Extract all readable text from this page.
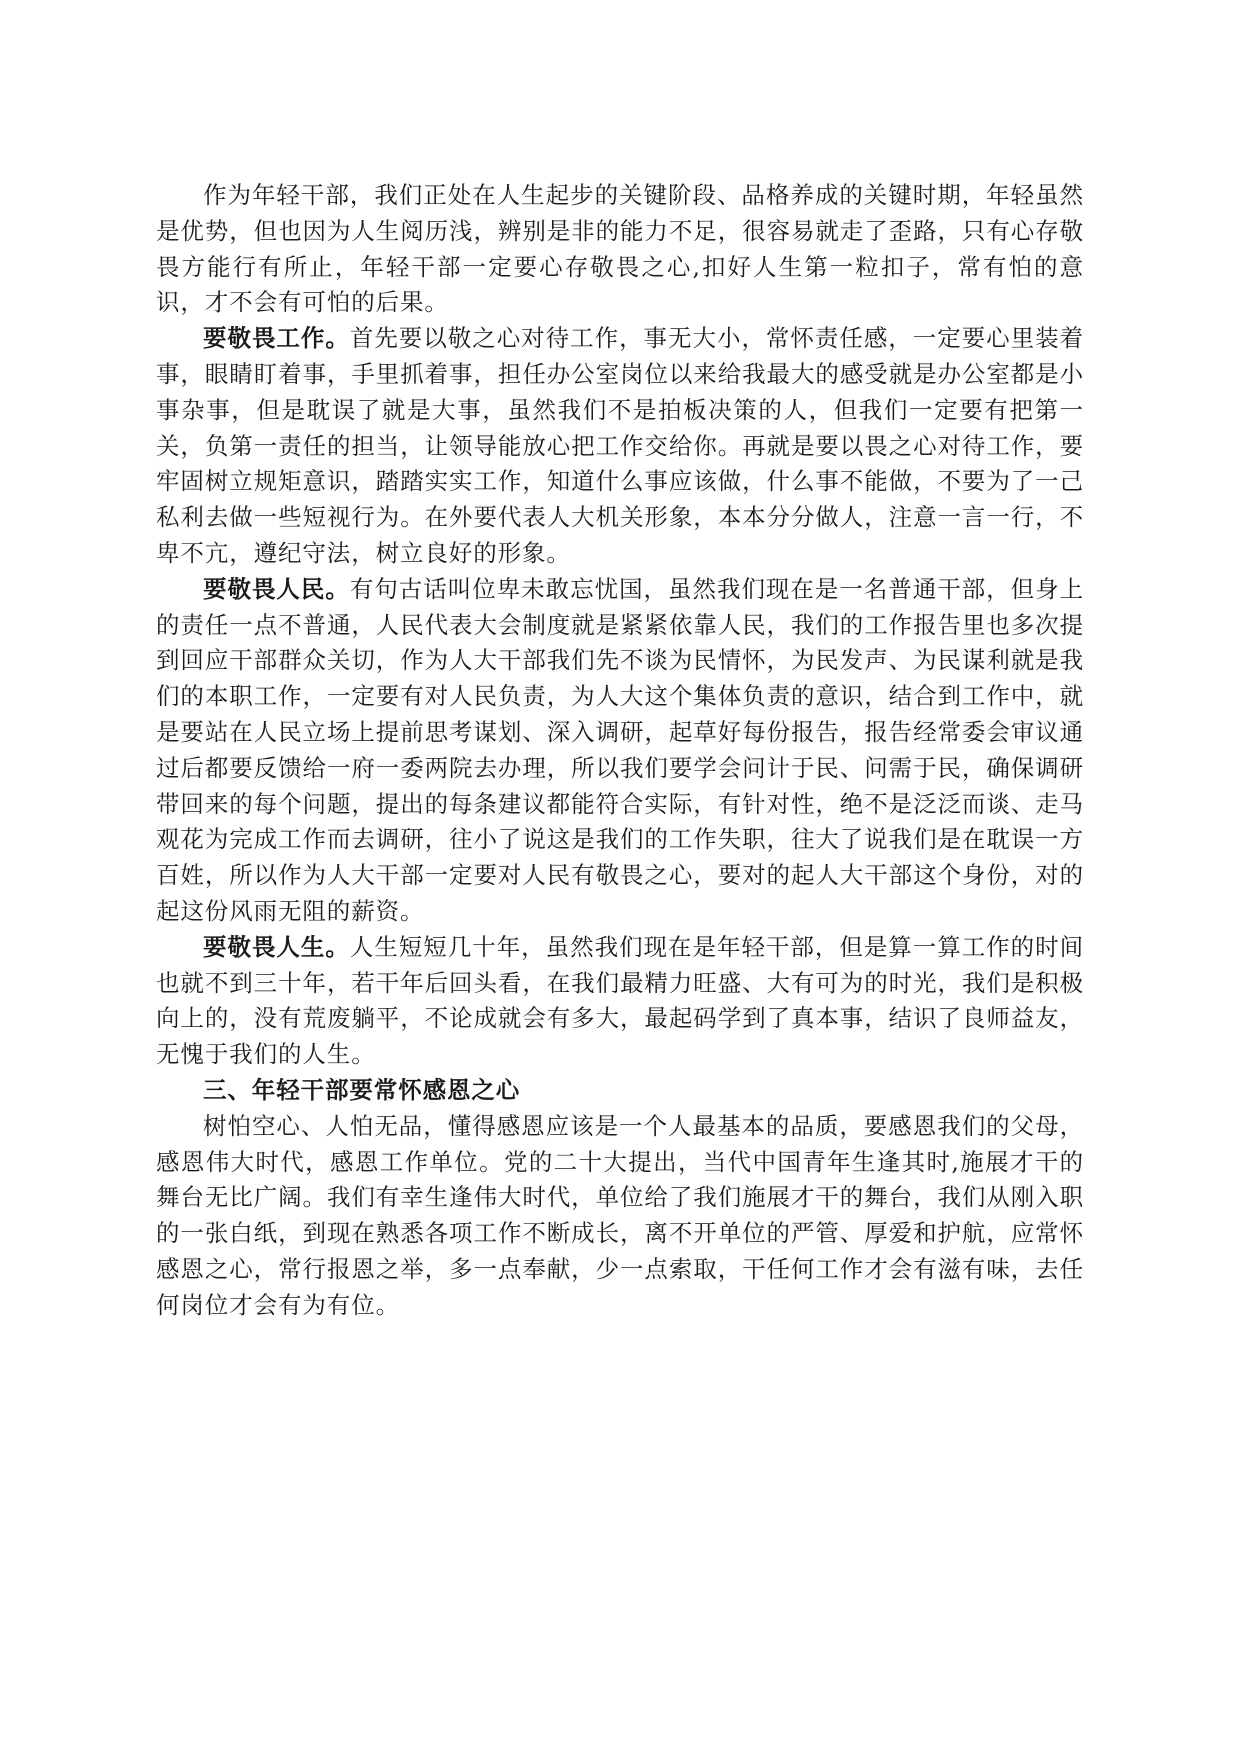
作为年轻干部，我们正处在人生起步的关键阶段、品格养成的关键时期，年轻虽然是优势，但也因为人生阅历浅，辨别是非的能力不足，很容易就走了歪路，只有心存敬畏方能行有所止，年轻干部一定要心存敬畏之心,扣好人生第一粒扣子，常有怕的意识，才不会有可怕的后果。

要敬畏工作。首先要以敬之心对待工作，事无大小，常怀责任感，一定要心里装着事，眼睛盯着事，手里抓着事，担任办公室岗位以来给我最大的感受就是办公室都是小事杂事，但是耽误了就是大事，虽然我们不是拍板决策的人，但我们一定要有把第一关，负第一责任的担当，让领导能放心把工作交给你。再就是要以畏之心对待工作，要牢固树立规矩意识，踏踏实实工作，知道什么事应该做，什么事不能做，不要为了一己私利去做一些短视行为。在外要代表人大机关形象，本本分分做人，注意一言一行，不卑不亢，遵纪守法，树立良好的形象。

要敬畏人民。有句古话叫位卑未敢忘忧国，虽然我们现在是一名普通干部，但身上的责任一点不普通，人民代表大会制度就是紧紧依靠人民，我们的工作报告里也多次提到回应干部群众关切，作为人大干部我们先不谈为民情怀，为民发声、为民谋利就是我们的本职工作，一定要有对人民负责，为人大这个集体负责的意识，结合到工作中，就是要站在人民立场上提前思考谋划、深入调研，起草好每份报告，报告经常委会审议通过后都要反馈给一府一委两院去办理，所以我们要学会问计于民、问需于民，确保调研带回来的每个问题，提出的每条建议都能符合实际，有针对性，绝不是泛泛而谈、走马观花为完成工作而去调研，往小了说这是我们的工作失职，往大了说我们是在耽误一方百姓，所以作为人大干部一定要对人民有敬畏之心，要对的起人大干部这个身份，对的起这份风雨无阻的薪资。

要敬畏人生。人生短短几十年，虽然我们现在是年轻干部，但是算一算工作的时间也就不到三十年，若干年后回头看，在我们最精力旺盛、大有可为的时光，我们是积极向上的，没有荒废躺平，不论成就会有多大，最起码学到了真本事，结识了良师益友，无愧于我们的人生。

三、年轻干部要常怀感恩之心

树怕空心、人怕无品，懂得感恩应该是一个人最基本的品质，要感恩我们的父母，感恩伟大时代，感恩工作单位。党的二十大提出，当代中国青年生逢其时,施展才干的舞台无比广阔。我们有幸生逢伟大时代，单位给了我们施展才干的舞台，我们从刚入职的一张白纸，到现在熟悉各项工作不断成长，离不开单位的严管、厚爱和护航，应常怀感恩之心，常行报恩之举，多一点奉献，少一点索取，干任何工作才会有滋有味，去任何岗位才会有为有位。
